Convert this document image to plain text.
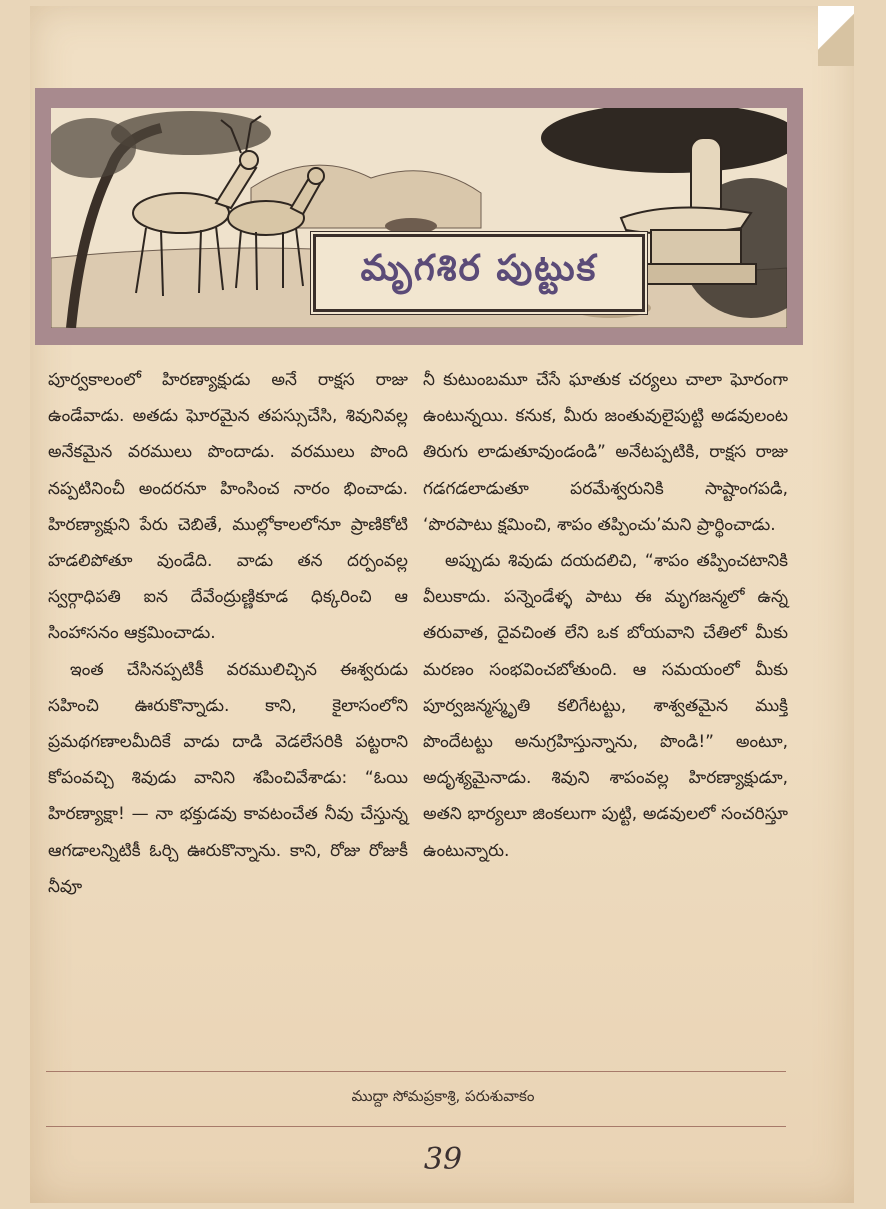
మృగశిర పుట్టుక

పూర్వకాలంలో హిరణ్యాక్షుడు అనే రాక్షస రాజు ఉండేవాడు. అతడు ఘోరమైన తపస్సుచేసి, శివునివల్ల అనేకమైన వరములు పొందాడు. వరములు పొంది నప్పటినించీ అందరనూ హింసించ నారం భించాడు. హిరణ్యాక్షుని పేరు చెబితే, ముల్లోకాలలోనూ ప్రాణికోటి హడలిపోతూ వుండేది. వాడు తన దర్పంవల్ల స్వర్గాధిపతి ఐన దేవేంద్రుణ్ణికూడ ధిక్కరించి ఆ సింహాసనం ఆక్రమించాడు.

ఇంత చేసినప్పటికీ వరములిచ్చిన ఈశ్వరుడు సహించి ఊరుకొన్నాడు. కాని, కైలాసంలోని ప్రమథగణాలమీదికే వాడు దాడి వెడలేసరికి పట్టరాని కోపంవచ్చి శివుడు వానిని శపించివేశాడు: “ఓయి హిరణ్యాక్షా! — నా భక్తుడవు కావటంచేత నీవు చేస్తున్న ఆగడాలన్నిటికీ ఓర్చి ఊరుకొన్నాను. కాని, రోజు రోజుకీ నీవూ

నీ కుటుంబమూ చేసే ఘాతుక చర్యలు చాలా ఘోరంగా ఉంటున్నయి. కనుక, మీరు జంతువులైపుట్టి అడవులంట తిరుగు లాడుతూవుండండి” అనేటప్పటికి, రాక్షస రాజు గడగడలాడుతూ పరమేశ్వరునికి సాష్టాంగపడి, ‘పొరపాటు క్షమించి, శాపం తప్పించు’మని ప్రార్థించాడు.

అప్పుడు శివుడు దయదలిచి, “శాపం తప్పించటానికి వీలుకాదు. పన్నెండేళ్ళ పాటు ఈ మృగజన్మలో ఉన్న తరువాత, దైవచింత లేని ఒక బోయవాని చేతిలో మీకు మరణం సంభవించబోతుంది. ఆ సమయంలో మీకు పూర్వజన్మస్మృతి కలిగేటట్టు, శాశ్వతమైన ముక్తి పొందేటట్టు అనుగ్రహిస్తున్నాను, పొండి!” అంటూ, అదృశ్యమైనాడు. శివుని శాపంవల్ల హిరణ్యాక్షుడూ, అతని భార్యలూ జింకలుగా పుట్టి, అడవులలో సంచరిస్తూ ఉంటున్నారు.

ముద్దా సోమప్రకాశ్రి, పరుశువాకం
39
